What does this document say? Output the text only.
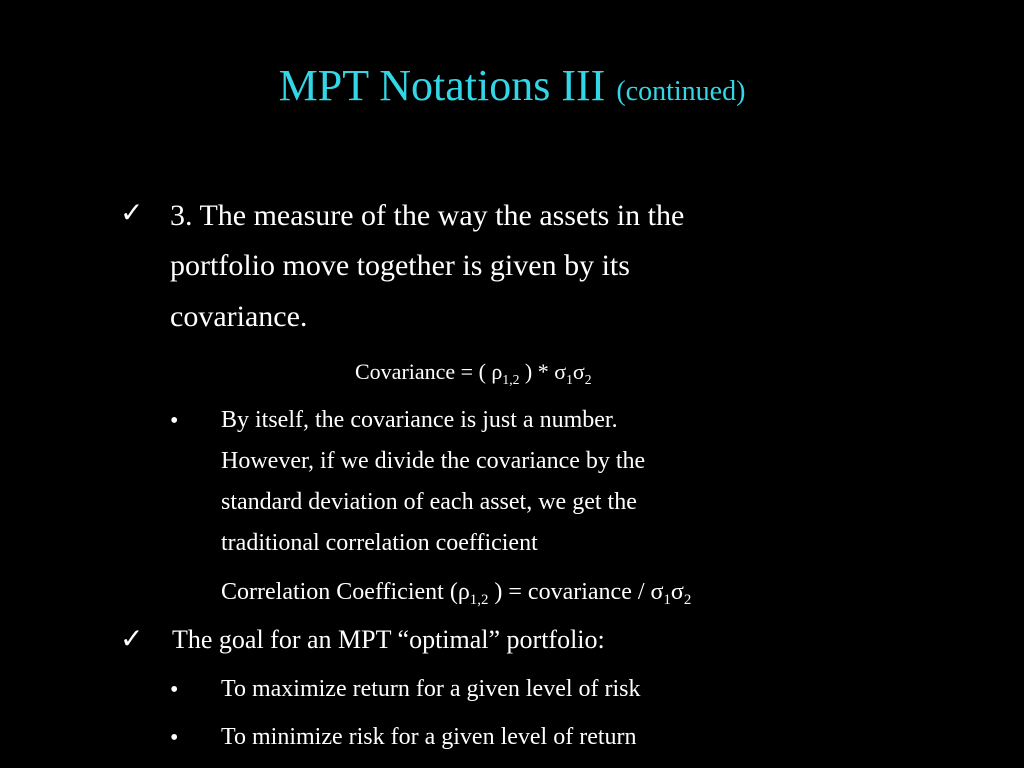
MPT Notations III (continued)
✓ 3. The measure of the way the assets in the
portfolio move together is given by its
covariance.
Covariance = ( $\rho_{1,2}$ ) * $\sigma_1\sigma_2$
• By itself, the covariance is just a number.
However, if we divide the covariance by the
standard deviation of each asset, we get the
traditional correlation coefficient
Correlation Coefficient ($\rho_{1,2}$ ) = covariance / $\sigma_1\sigma_2$
✓ The goal for an MPT “optimal” portfolio:
• To maximize return for a given level of risk
• To minimize risk for a given level of return
